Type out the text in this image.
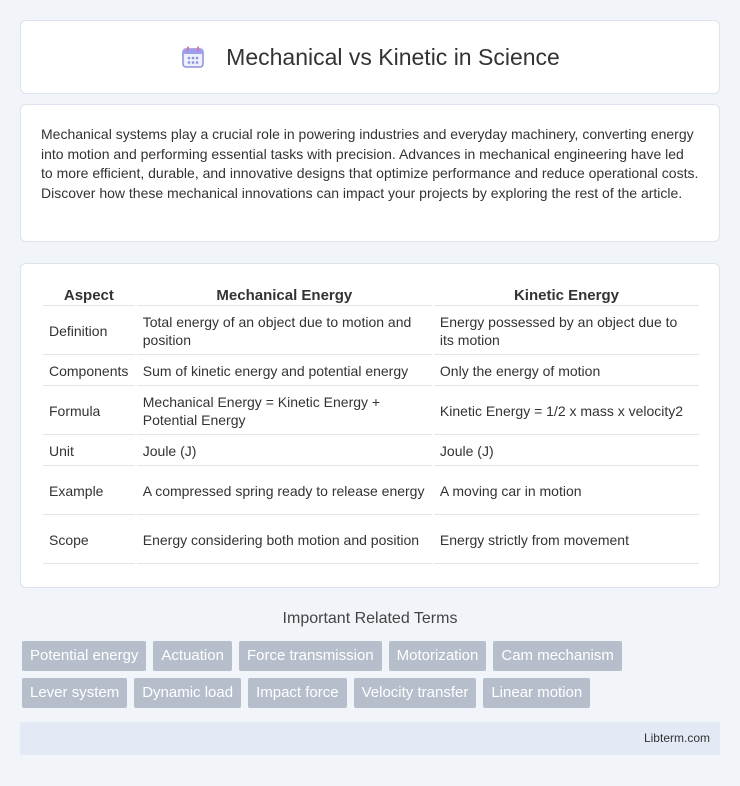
Mechanical vs Kinetic in Science

Mechanical systems play a crucial role in powering industries and everyday machinery, converting energy into motion and performing essential tasks with precision. Advances in mechanical engineering have led to more efficient, durable, and innovative designs that optimize performance and reduce operational costs. Discover how these mechanical innovations can impact your projects by exploring the rest of the article.

Aspect	Mechanical Energy	Kinetic Energy
Definition	Total energy of an object due to motion and position	Energy possessed by an object due to its motion
Components	Sum of kinetic energy and potential energy	Only the energy of motion
Formula	Mechanical Energy = Kinetic Energy + Potential Energy	Kinetic Energy = 1/2 x mass x velocity2
Unit	Joule (J)	Joule (J)
Example	A compressed spring ready to release energy	A moving car in motion
Scope	Energy considering both motion and position	Energy strictly from movement
Important Related Terms
Potential energy	Actuation	Force transmission	Motorization	Cam mechanism
Lever system	Dynamic load	Impact force	Velocity transfer	Linear motion
Libterm.com
